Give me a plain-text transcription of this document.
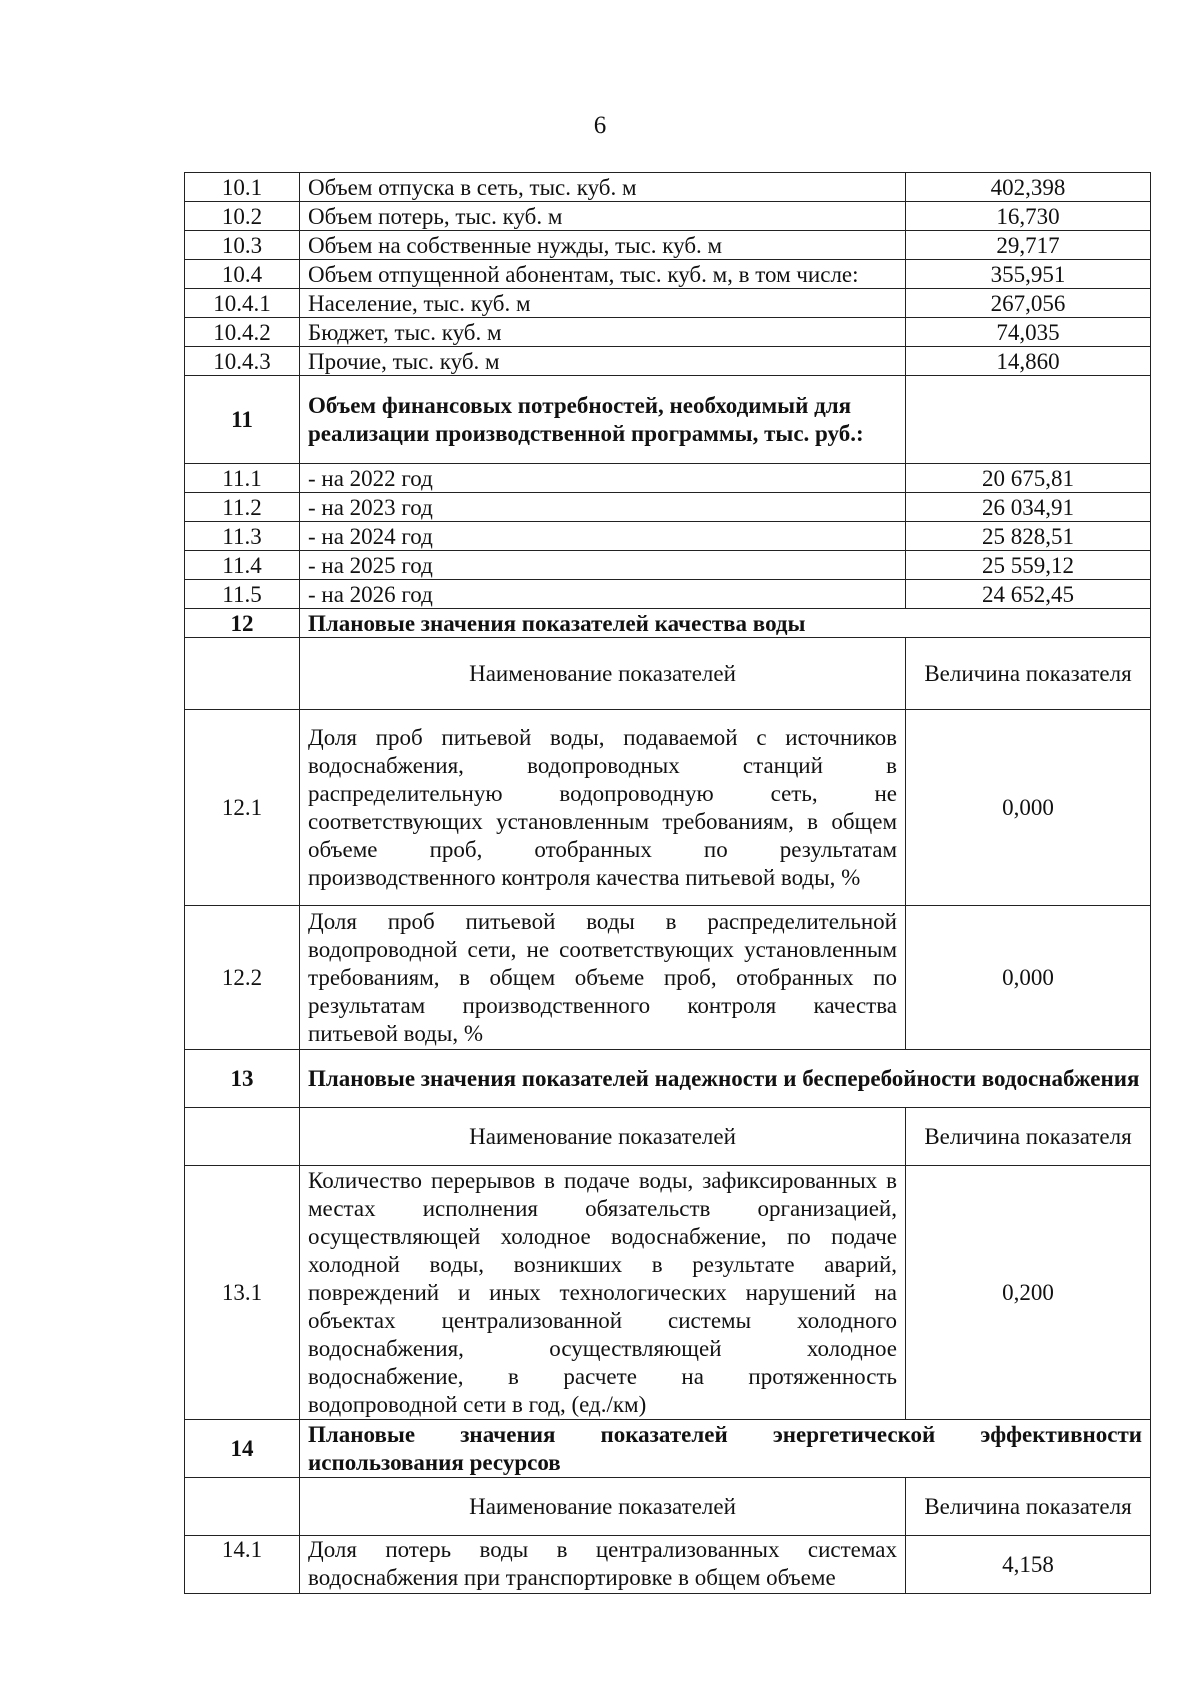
6
10.1	Объем отпуска в сеть, тыс. куб. м	402,398
10.2	Объем потерь, тыс. куб. м	16,730
10.3	Объем на собственные нужды, тыс. куб. м	29,717
10.4	Объем отпущенной абонентам, тыс. куб. м, в том числе:	355,951
10.4.1	Население, тыс. куб. м	267,056
10.4.2	Бюджет, тыс. куб. м	74,035
10.4.3	Прочие, тыс. куб. м	14,860
11	Объем финансовых потребностей, необходимый для реализации производственной программы, тыс. руб.:	
11.1	- на 2022 год	20 675,81
11.2	- на 2023 год	26 034,91
11.3	- на 2024 год	25 828,51
11.4	- на 2025 год	25 559,12
11.5	- на 2026 год	24 652,45
12	Плановые значения показателей качества воды	
	Наименование показателей	Величина показателя
12.1	Доля проб питьевой воды, подаваемой с источников водоснабжения, водопроводных станций в распределительную водопроводную сеть, не соответствующих установленным требованиям, в общем объеме проб, отобранных по результатам производственного контроля качества питьевой воды, %	0,000
12.2	Доля проб питьевой воды в распределительной водопроводной сети, не соответствующих установленным требованиям, в общем объеме проб, отобранных по результатам производственного контроля качества питьевой воды, %	0,000
13	Плановые значения показателей надежности и бесперебойности водоснабжения	
	Наименование показателей	Величина показателя
13.1	Количество перерывов в подаче воды, зафиксированных в местах исполнения обязательств организацией, осуществляющей холодное водоснабжение, по подаче холодной воды, возникших в результате аварий, повреждений и иных технологических нарушений на объектах централизованной системы холодного водоснабжения, осуществляющей холодное водоснабжение, в расчете на протяженность водопроводной сети в год, (ед./км)	0,200
14	Плановые значения показателей энергетической эффективности использования ресурсов	
	Наименование показателей	Величина показателя
14.1	Доля потерь воды в централизованных системах водоснабжения при транспортировке в общем объеме	4,158
